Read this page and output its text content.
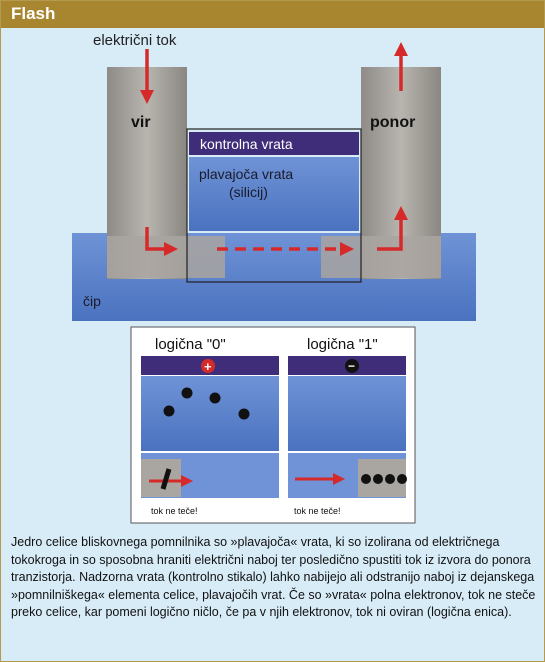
Flash
električni tok
vir	ponor
kontrolna vrata
plavajoča vrata
(silicij)
čip
logična "0"
+
tok ne teče!
logična "1"
−
tok ne teče!
Jedro celice bliskovnega pomnilnika so »plavajoča« vrata, ki so izolirana od električnega tokokroga in so sposobna hraniti električni naboj ter posledično spustiti tok iz izvora do ponora tranzistorja. Nadzorna vrata (kontrolno stikalo) lahko nabijejo ali odstranijo naboj iz dejanskega »pomnilniškega« elementa celice, plavajočih vrat. Če so »vrata« polna elektronov, tok ne steče preko celice, kar pomeni logično ničlo, če pa v njih elektronov, tok ni oviran (logična enica).
